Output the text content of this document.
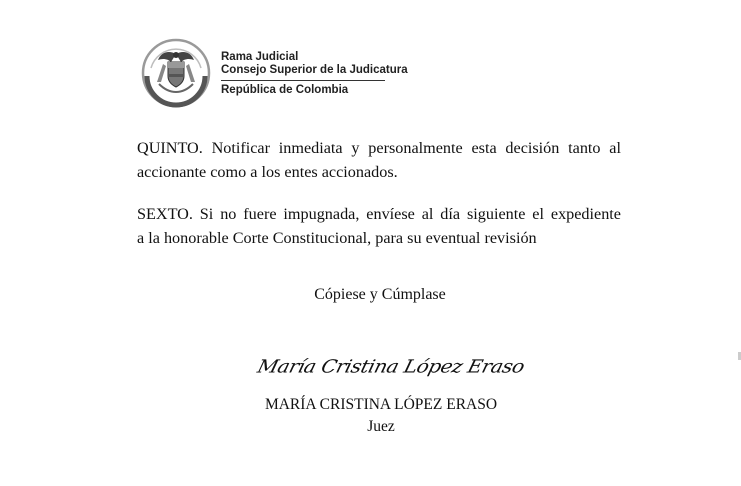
Rama Judicial
Consejo Superior de la Judicatura
República de Colombia
QUINTO. Notificar inmediata y personalmente esta decisión tanto al
accionante como a los entes accionados.
SEXTO. Si no fuere impugnada, envíese al día siguiente el expediente
a la honorable Corte Constitucional, para su eventual revisión
Cópiese y Cúmplase
María Cristina López Eraso
MARÍA CRISTINA LÓPEZ ERASO
Juez
